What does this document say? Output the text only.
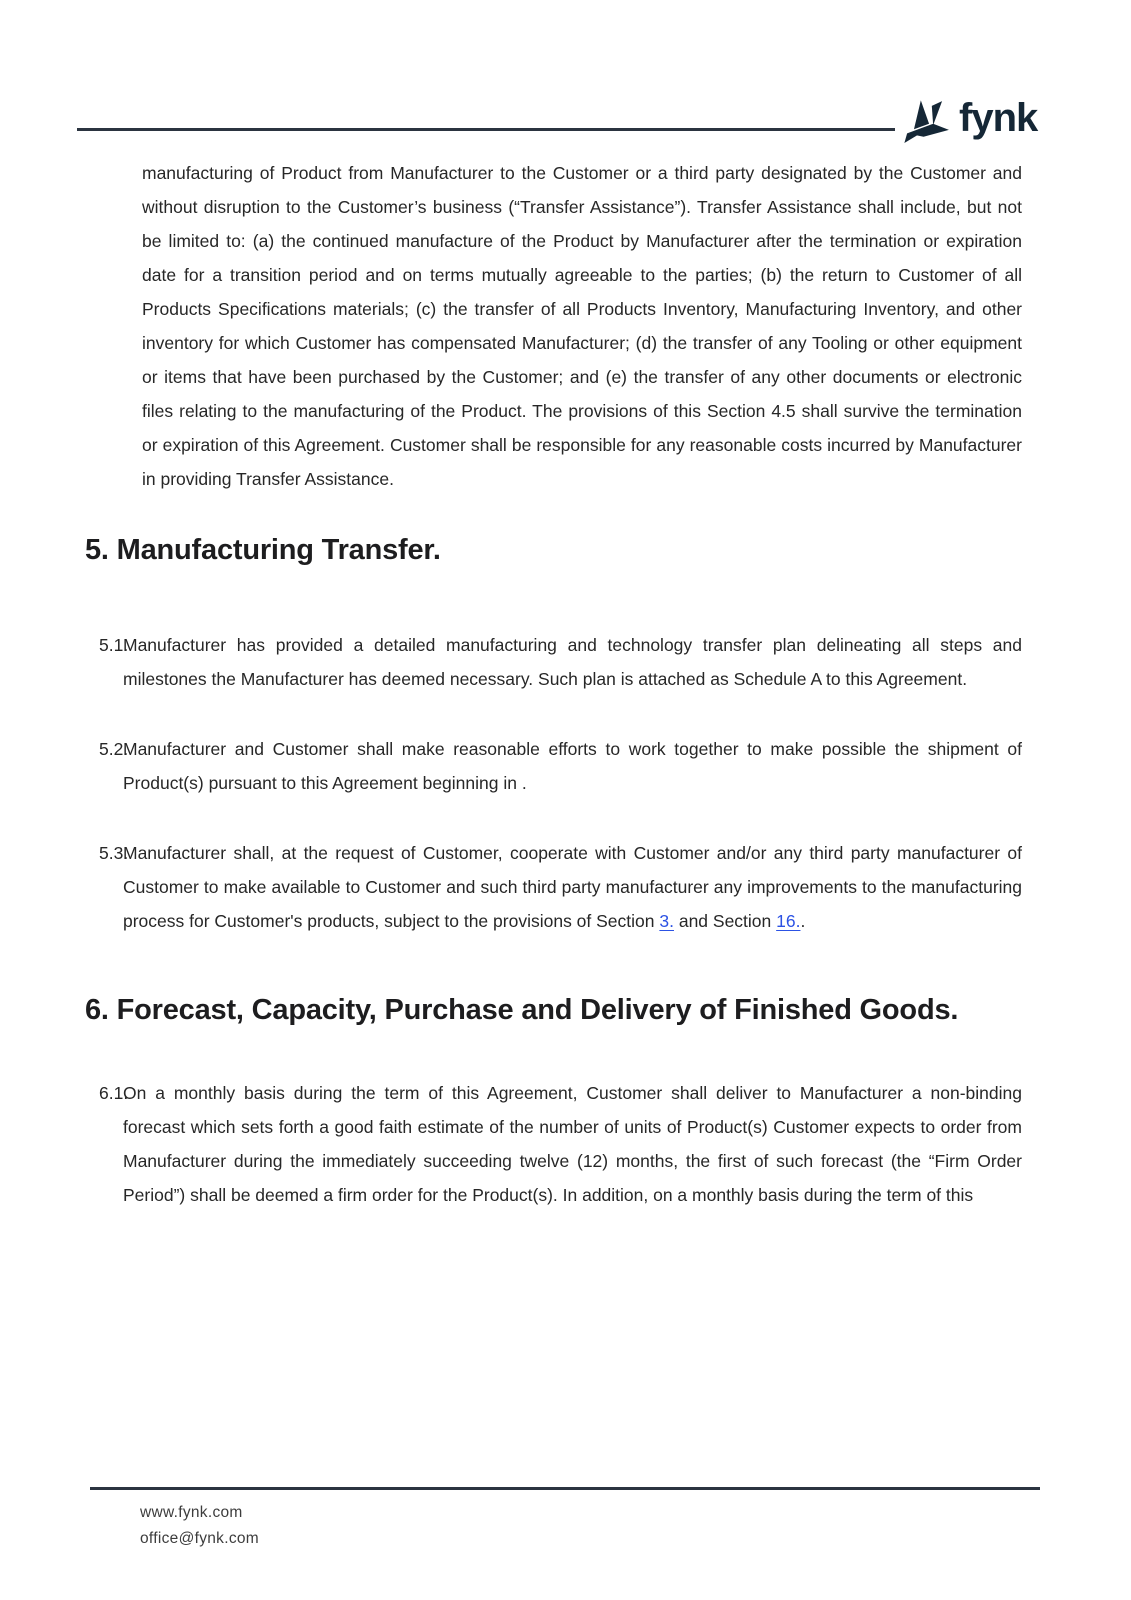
fynk

manufacturing of Product from Manufacturer to the Customer or a third party designated by the Customer and without disruption to the Customer’s business (“Transfer Assistance”). Transfer Assistance shall include, but not be limited to: (a) the continued manufacture of the Product by Manufacturer after the termination or expiration date for a transition period and on terms mutually agreeable to the parties; (b) the return to Customer of all Products Specifications materials; (c) the transfer of all Products Inventory, Manufacturing Inventory, and other inventory for which Customer has compensated Manufacturer; (d) the transfer of any Tooling or other equipment or items that have been purchased by the Customer; and (e) the transfer of any other documents or electronic files relating to the manufacturing of the Product. The provisions of this Section 4.5 shall survive the termination or expiration of this Agreement. Customer shall be responsible for any reasonable costs incurred by Manufacturer in providing Transfer Assistance.

5. Manufacturing Transfer.
5.1.
Manufacturer has provided a detailed manufacturing and technology transfer plan delineating all steps and milestones the Manufacturer has deemed necessary. Such plan is attached as Schedule A to this Agreement.
5.2.
Manufacturer and Customer shall make reasonable efforts to work together to make possible the shipment of Product(s) pursuant to this Agreement beginning in .
5.3.
Manufacturer shall, at the request of Customer, cooperate with Customer and/or any third party manufacturer of Customer to make available to Customer and such third party manufacturer any improvements to the manufacturing process for Customer's products, subject to the provisions of Section 3. and Section 16..
6. Forecast, Capacity, Purchase and Delivery of Finished Goods.
6.1.
On a monthly basis during the term of this Agreement, Customer shall deliver to Manufacturer a non-binding forecast which sets forth a good faith estimate of the number of units of Product(s) Customer expects to order from Manufacturer during the immediately succeeding twelve (12) months, the first of such forecast (the “Firm Order Period”) shall be deemed a firm order for the Product(s). In addition, on a monthly basis during the term of this
www.fynk.com
office@fynk.com
